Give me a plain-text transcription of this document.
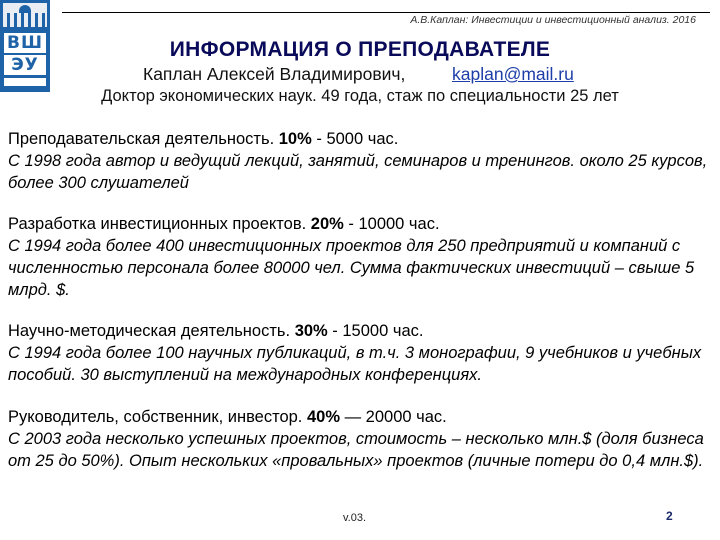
ВШ
ЭУ
А.В.Каплан: Инвестиции и инвестиционный анализ. 2016
ИНФОРМАЦИЯ О ПРЕПОДАВАТЕЛЕ
Каплан Алексей Владимирович,	kaplan@mail.ru
Доктор экономических наук. 49 года, стаж по специальности 25 лет
Преподавательская деятельность. 10% - 5000 час.
С 1998 года автор и ведущий лекций, занятий, семинаров и тренингов. около 25 курсов, более 300 слушателей
Разработка инвестиционных проектов. 20% - 10000 час.
С 1994 года более 400 инвестиционных проектов для 250 предприятий и компаний с численностью персонала более 80000 чел. Сумма фактических инвестиций – свыше 5 млрд. $.
Научно-методическая деятельность. 30% - 15000 час.
С 1994 года более 100 научных публикаций, в т.ч. 3 монографии, 9 учебников и учебных пособий. 30 выступлений на международных конференциях.
Руководитель, собственник, инвестор. 40% — 20000 час.
С 2003 года несколько успешных проектов, стоимость – несколько млн.$ (доля бизнеса от 25 до 50%). Опыт нескольких «провальных» проектов (личные потери до 0,4 млн.$).
v.03.	2
